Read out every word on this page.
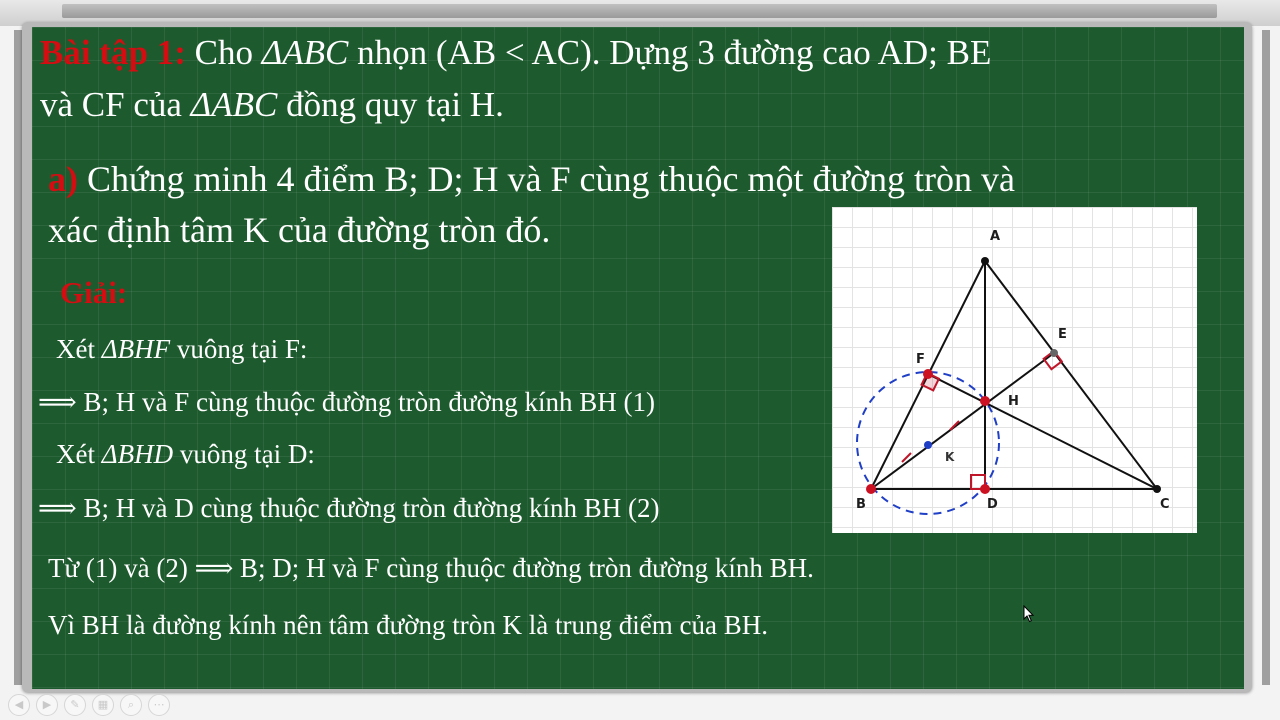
Bài tập 1: Cho ΔABC nhọn (AB < AC). Dựng 3 đường cao AD; BE
và CF của ΔABC đồng quy tại H.
a) Chứng minh 4 điểm B; D; H và F cùng thuộc một đường tròn và
xác định tâm K của đường tròn đó.
Giải:
Xét ΔBHF vuông tại F:
⟹ B; H và F cùng thuộc đường tròn đường kính BH (1)
Xét ΔBHD vuông tại D:
⟹ B; H và D cùng thuộc đường tròn đường kính BH (2)
Từ (1) và (2) ⟹ B; D; H và F cùng thuộc đường tròn đường kính BH.
Vì BH là đường kính nên tâm đường tròn K là trung điểm của BH.
A
B	C
D
E
F
H
K
◀	▶	✎	▦	⌕	⋯
